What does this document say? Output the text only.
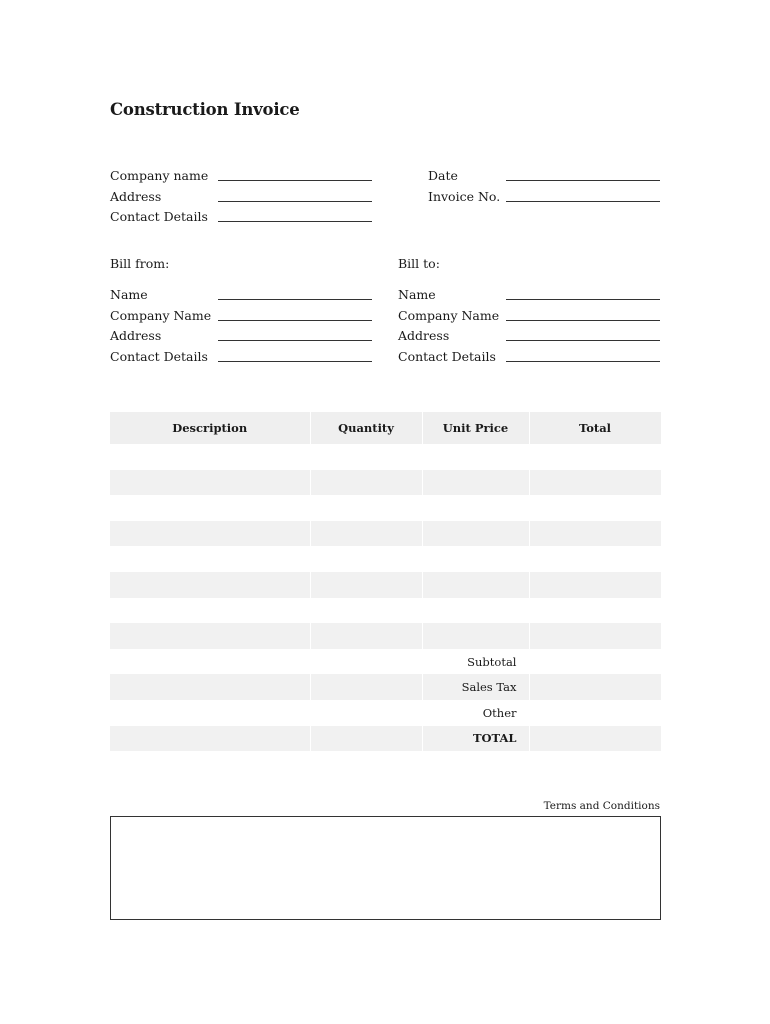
Construction Invoice
Company name
Address
Contact Details
Date
Invoice No.
Bill from:
Name
Company Name
Address
Contact Details
Bill to:
Name
Company Name
Address
Contact Details
Description	Quantity	Unit Price	Total

		Subtotal	
		Sales Tax	
		Other	
		TOTAL	
Terms and Conditions
